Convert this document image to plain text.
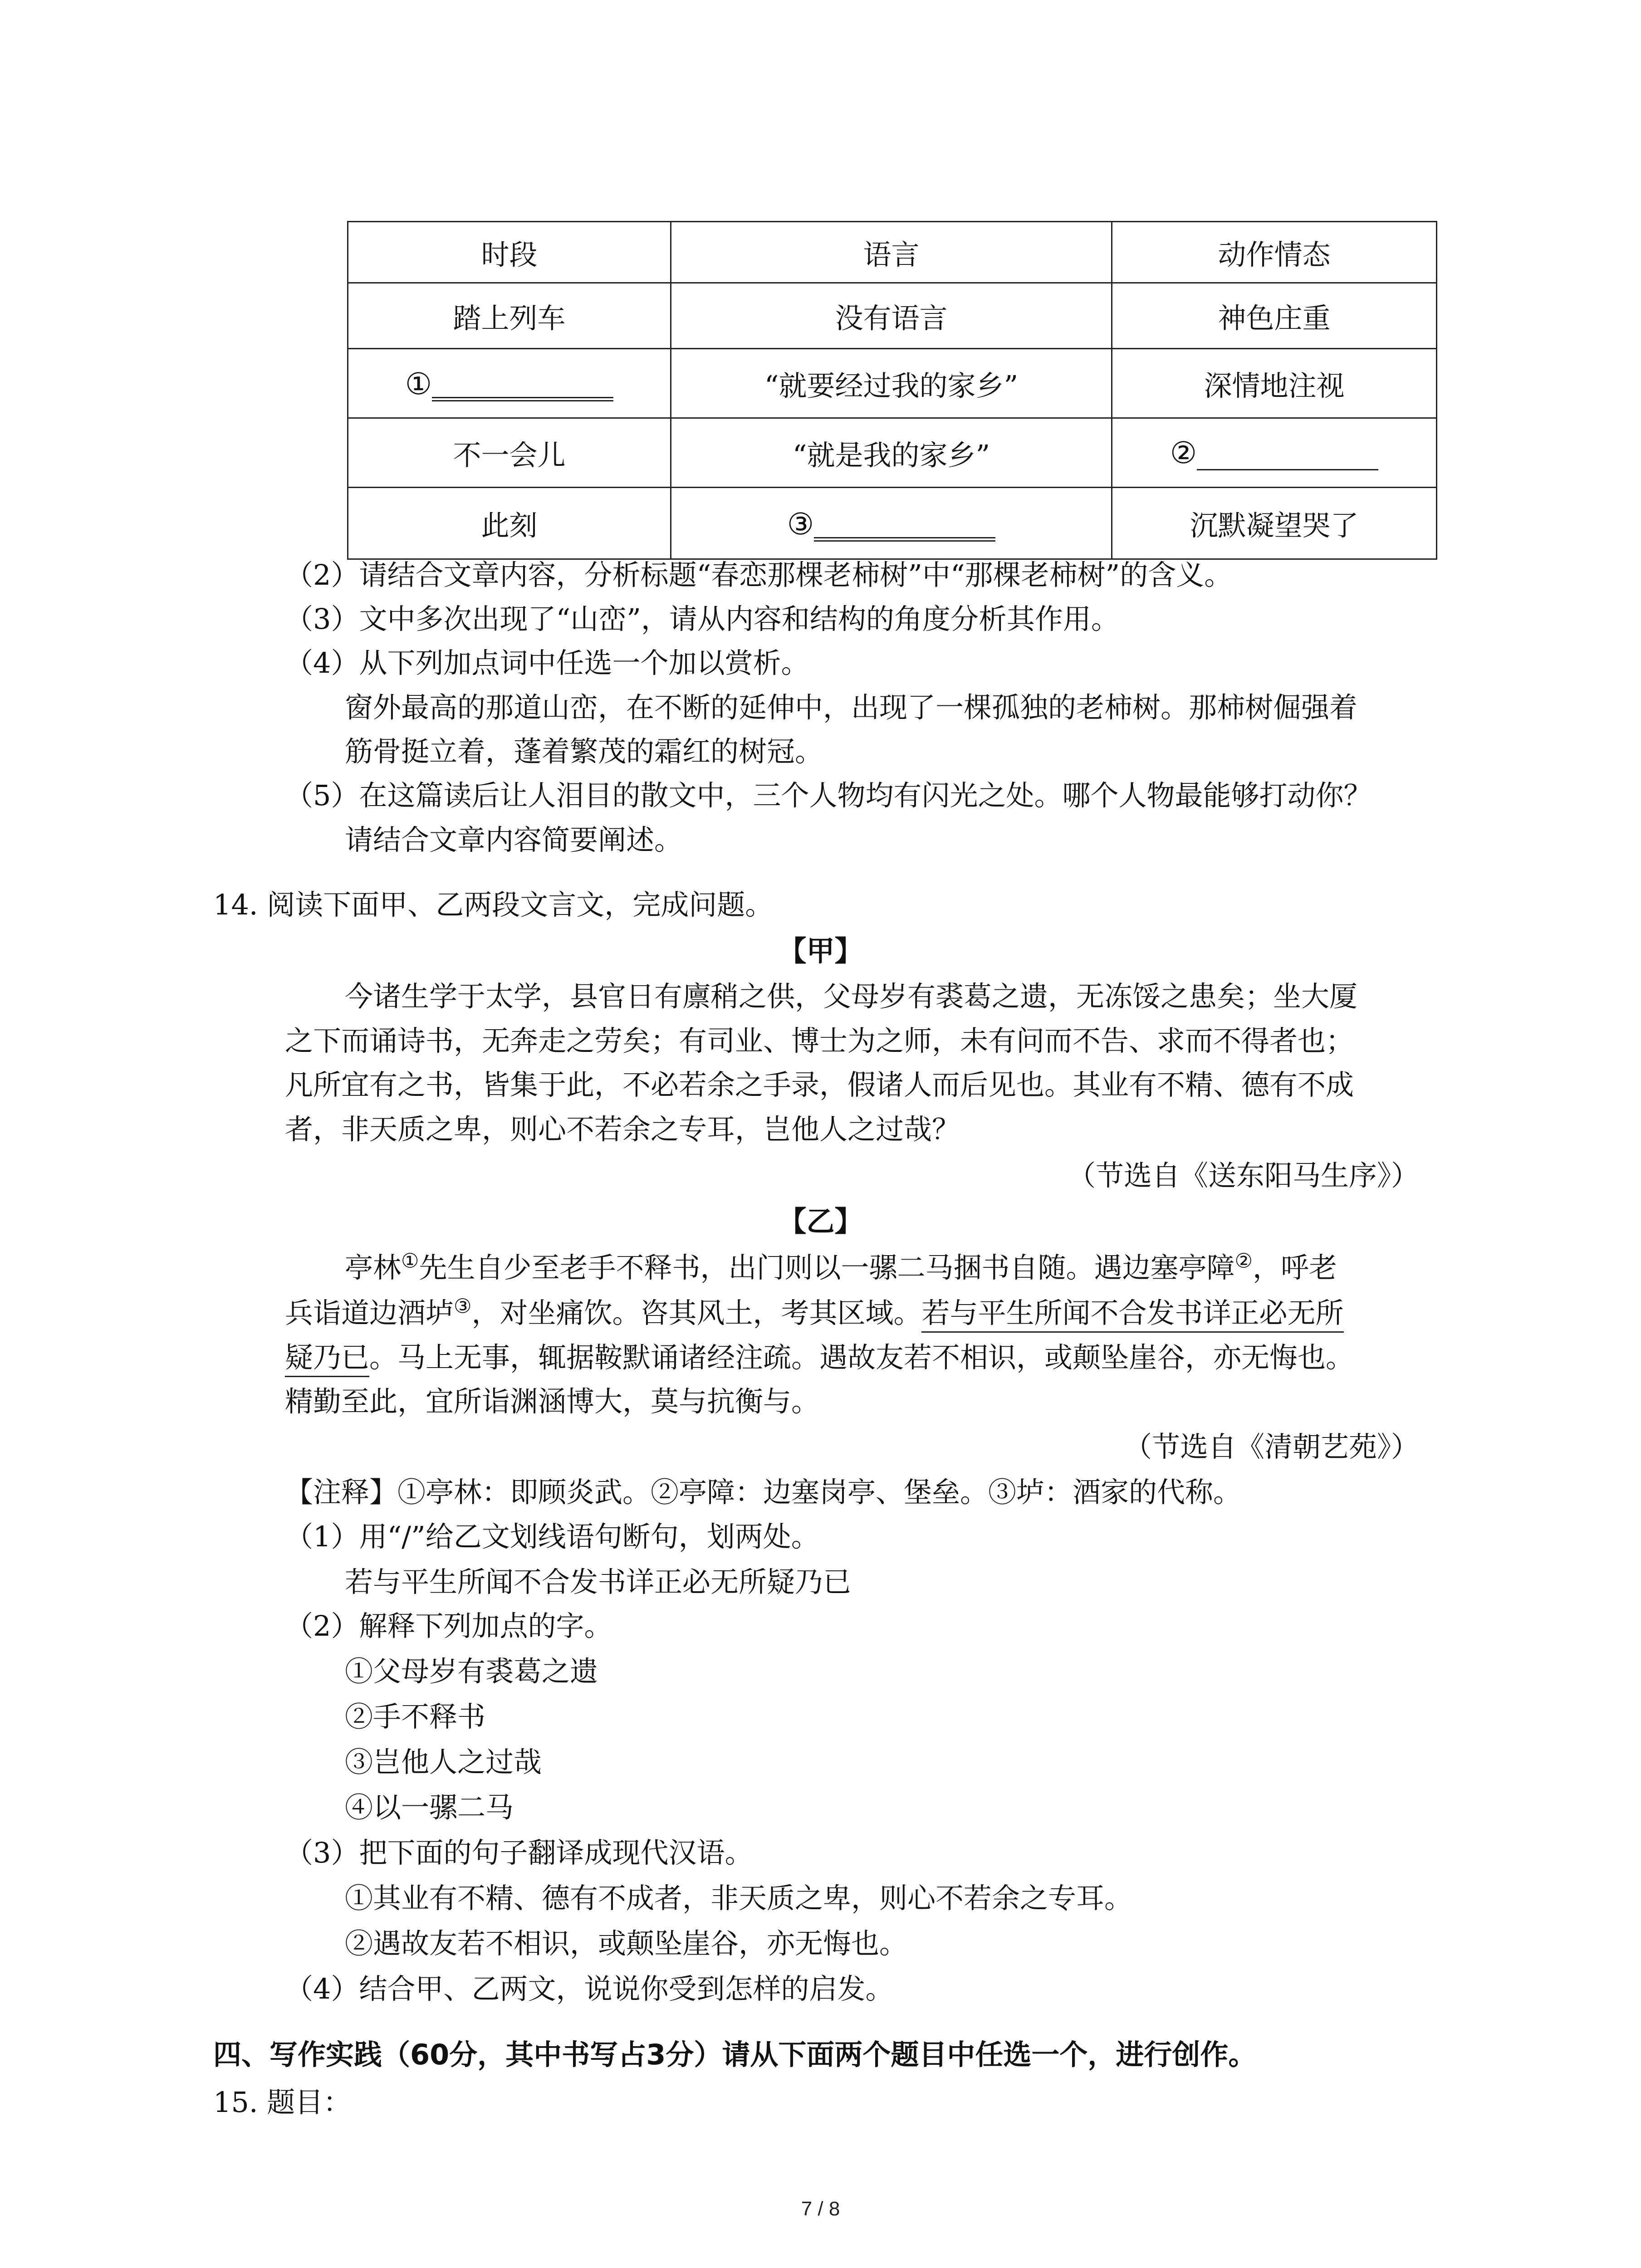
时段	语言	动作情态
踏上列车	没有语言	神色庄重
①	“就要经过我的家乡”	深情地注视
不一会儿	“就是我的家乡”	②
此刻	③	沉默凝望哭了
（2）请结合文章内容，分析标题“春恋那棵老柿树”中“那棵老柿树”的含义。
（3）文中多次出现了“山峦”，请从内容和结构的角度分析其作用。
（4）从下列加点词中任选一个加以赏析。
窗外最高的那道山峦，在不断的延伸中，出现了一棵孤独的老柿树。那柿树倔强着
筋骨挺立着，蓬着繁茂的霜红的树冠。
（5）在这篇读后让人泪目的散文中，三个人物均有闪光之处。哪个人物最能够打动你？
请结合文章内容简要阐述。
14. 阅读下面甲、乙两段文言文，完成问题。
【甲】
今诸生学于太学，县官日有廪稍之供，父母岁有裘葛之遗，无冻馁之患矣；坐大厦
之下而诵诗书，无奔走之劳矣；有司业、博士为之师，未有问而不告、求而不得者也；
凡所宜有之书，皆集于此，不必若余之手录，假诸人而后见也。其业有不精、德有不成
者，非天质之卑，则心不若余之专耳，岂他人之过哉？
（节选自《送东阳马生序》）
【乙】
亭林①先生自少至老手不释书，出门则以一骡二马捆书自随。遇边塞亭障②，呼老
兵诣道边酒垆③，对坐痛饮。咨其风土，考其区域。若与平生所闻不合发书详正必无所
疑乃已。马上无事，辄据鞍默诵诸经注疏。遇故友若不相识，或颠坠崖谷，亦无悔也。
精勤至此，宜所诣渊涵博大，莫与抗衡与。
（节选自《清朝艺苑》）
【注释】①亭林：即顾炎武。②亭障：边塞岗亭、堡垒。③垆：酒家的代称。
（1）用“/”给乙文划线语句断句，划两处。
若与平生所闻不合发书详正必无所疑乃已
（2）解释下列加点的字。
①父母岁有裘葛之遗
②手不释书
③岂他人之过哉
④以一骡二马
（3）把下面的句子翻译成现代汉语。
①其业有不精、德有不成者，非天质之卑，则心不若余之专耳。
②遇故友若不相识，或颠坠崖谷，亦无悔也。
（4）结合甲、乙两文，说说你受到怎样的启发。
四、写作实践（60分，其中书写占3分）请从下面两个题目中任选一个，进行创作。
15. 题目：
7 / 8
